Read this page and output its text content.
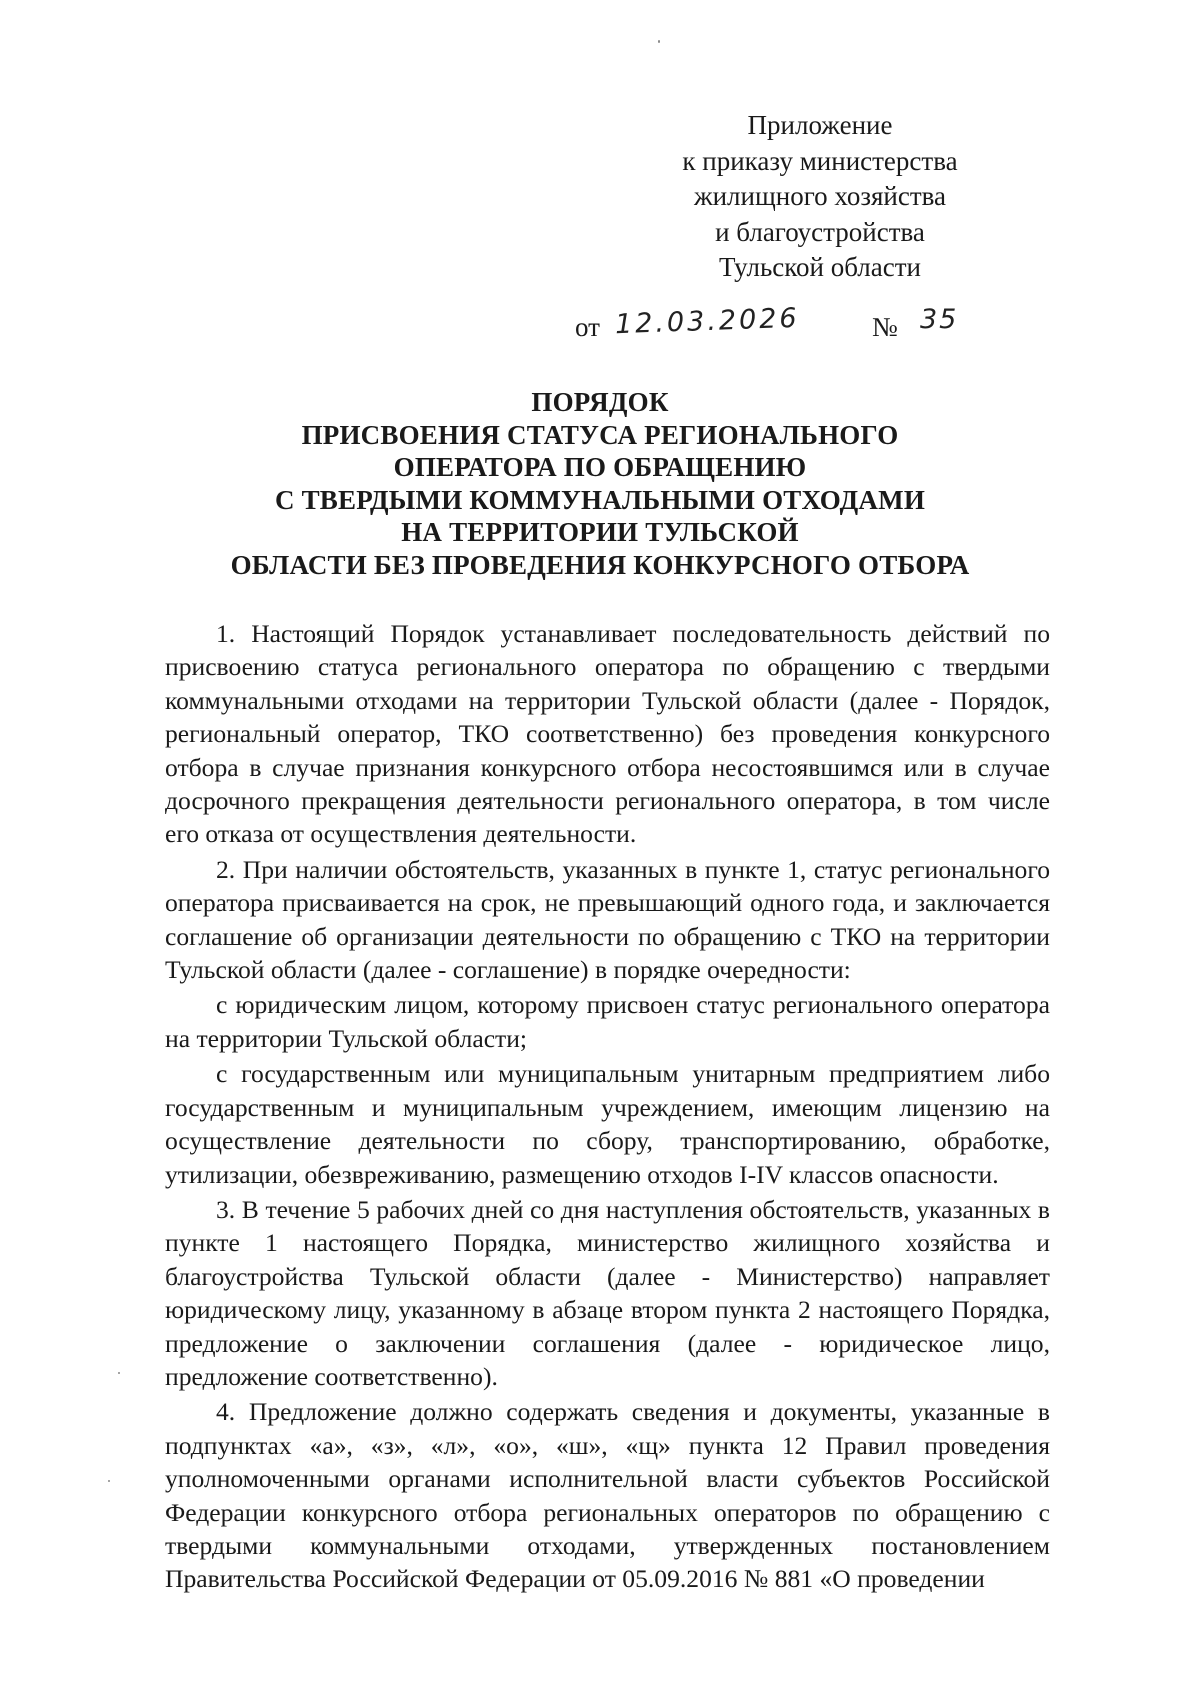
Приложение
к приказу министерства
жилищного хозяйства
и благоустройства
Тульской области
от 12.03.2026	№ 35
ПОРЯДОК
ПРИСВОЕНИЯ СТАТУСА РЕГИОНАЛЬНОГО
ОПЕРАТОРА ПО ОБРАЩЕНИЮ
С ТВЕРДЫМИ КОММУНАЛЬНЫМИ ОТХОДАМИ
НА ТЕРРИТОРИИ ТУЛЬСКОЙ
ОБЛАСТИ БЕЗ ПРОВЕДЕНИЯ КОНКУРСНОГО ОТБОРА

1. Настоящий Порядок устанавливает последовательность действий по присвоению статуса регионального оператора по обращению с твердыми коммунальными отходами на территории Тульской области (далее - Порядок, региональный оператор, ТКО соответственно) без проведения конкурсного отбора в случае признания конкурсного отбора несостоявшимся или в случае досрочного прекращения деятельности регионального оператора, в том числе его отказа от осуществления деятельности.

2. При наличии обстоятельств, указанных в пункте 1, статус регионального оператора присваивается на срок, не превышающий одного года, и заключается соглашение об организации деятельности по обращению с ТКО на территории Тульской области (далее - соглашение) в порядке очередности:

с юридическим лицом, которому присвоен статус регионального оператора на территории Тульской области;

с государственным или муниципальным унитарным предприятием либо государственным и муниципальным учреждением, имеющим лицензию на осуществление деятельности по сбору, транспортированию, обработке, утилизации, обезвреживанию, размещению отходов I-IV классов опасности.

3. В течение 5 рабочих дней со дня наступления обстоятельств, указанных в пункте 1 настоящего Порядка, министерство жилищного хозяйства и благоустройства Тульской области (далее - Министерство) направляет юридическому лицу, указанному в абзаце втором пункта 2 настоящего Порядка, предложение о заключении соглашения (далее - юридическое лицо, предложение соответственно).

4. Предложение должно содержать сведения и документы, указанные в подпунктах «а», «з», «л», «о», «ш», «щ» пункта 12 Правил проведения уполномоченными органами исполнительной власти субъектов Российской Федерации конкурсного отбора региональных операторов по обращению с твердыми коммунальными отходами, утвержденных постановлением Правительства Российской Федерации от 05.09.2016 № 881 «О проведении
